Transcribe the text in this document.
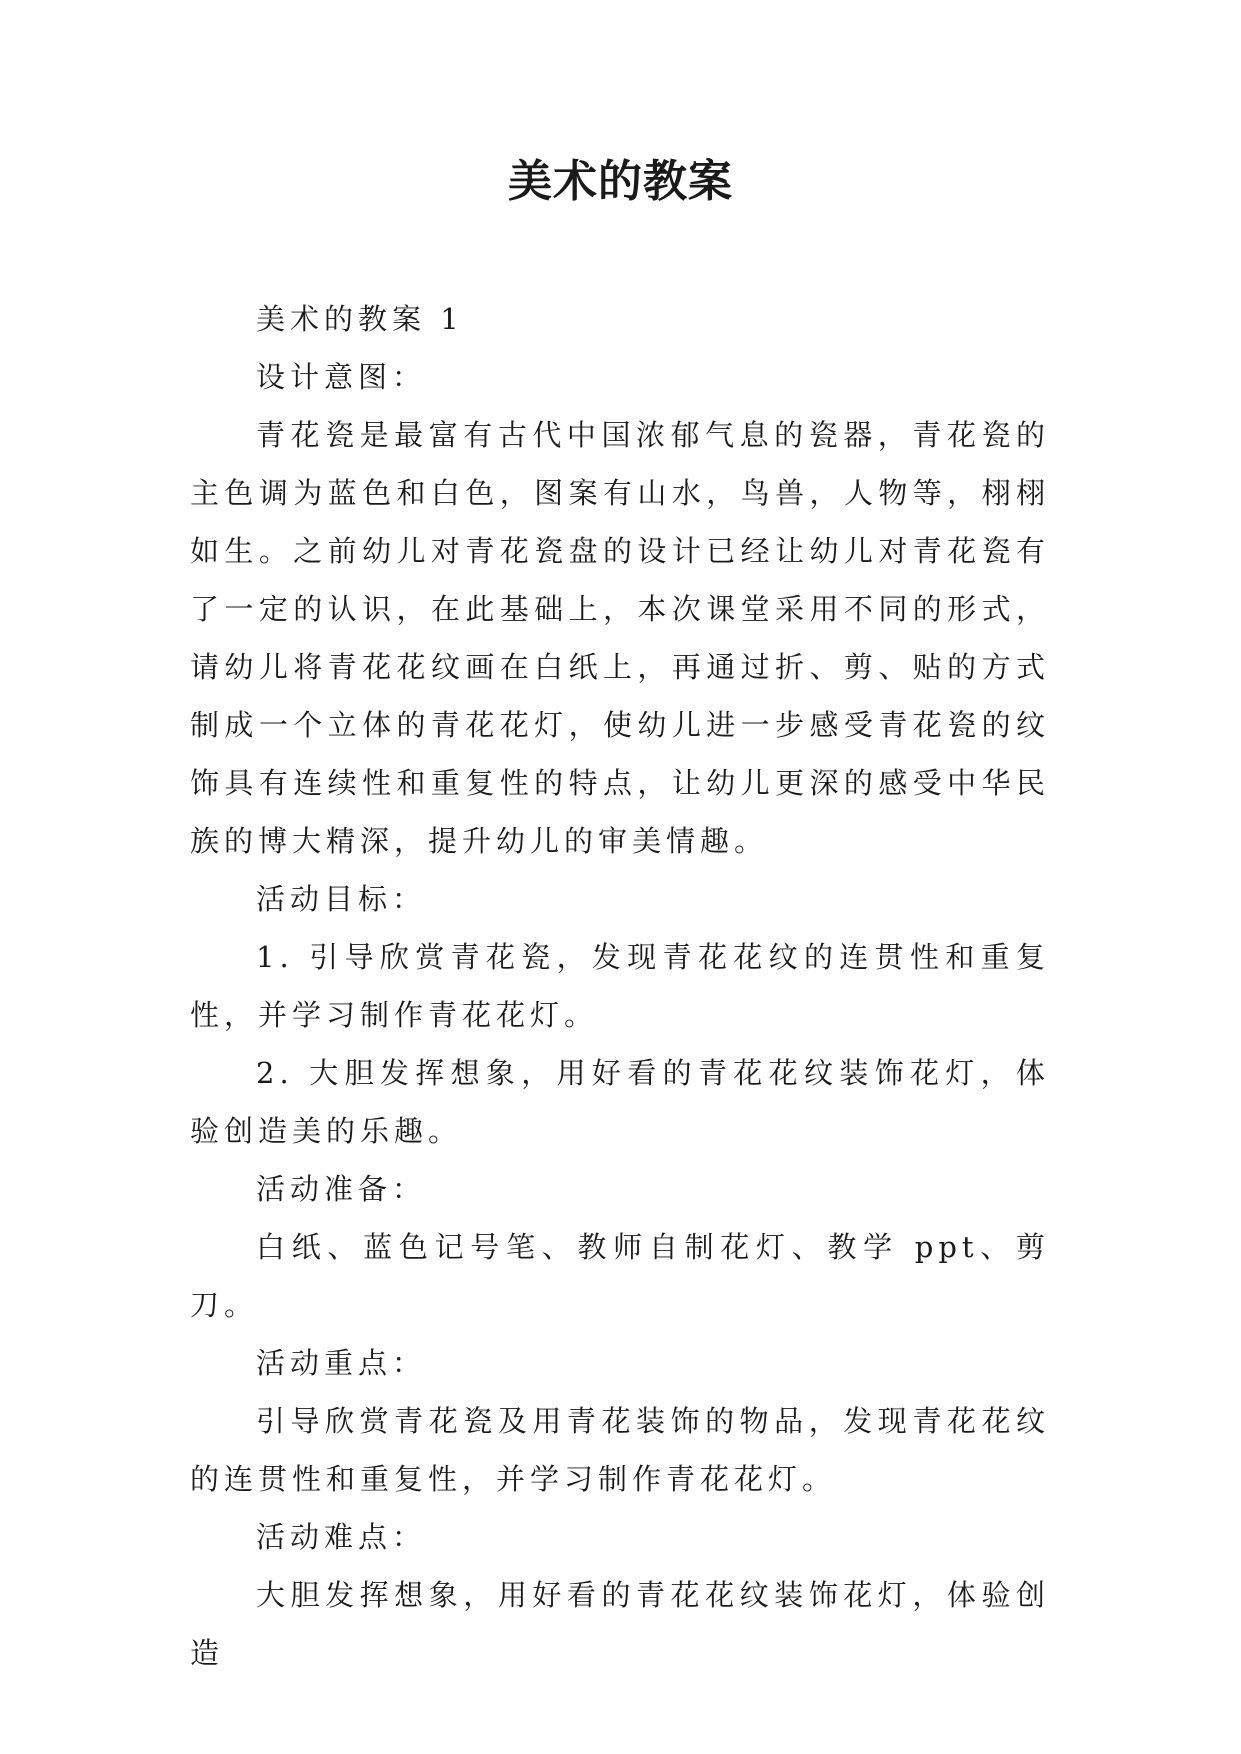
美术的教案

美术的教案 1

设计意图：

青花瓷是最富有古代中国浓郁气息的瓷器，青花瓷的主色调为蓝色和白色，图案有山水，鸟兽，人物等，栩栩如生。之前幼儿对青花瓷盘的设计已经让幼儿对青花瓷有了一定的认识，在此基础上，本次课堂采用不同的形式，请幼儿将青花花纹画在白纸上，再通过折、剪、贴的方式制成一个立体的青花花灯，使幼儿进一步感受青花瓷的纹饰具有连续性和重复性的特点，让幼儿更深的感受中华民族的博大精深，提升幼儿的审美情趣。

活动目标：

1. 引导欣赏青花瓷，发现青花花纹的连贯性和重复性，并学习制作青花花灯。

2. 大胆发挥想象，用好看的青花花纹装饰花灯，体验创造美的乐趣。

活动准备：

白纸、蓝色记号笔、教师自制花灯、教学 ppt、剪刀。

活动重点：

引导欣赏青花瓷及用青花装饰的物品，发现青花花纹的连贯性和重复性，并学习制作青花花灯。

活动难点：

大胆发挥想象，用好看的青花花纹装饰花灯，体验创造
